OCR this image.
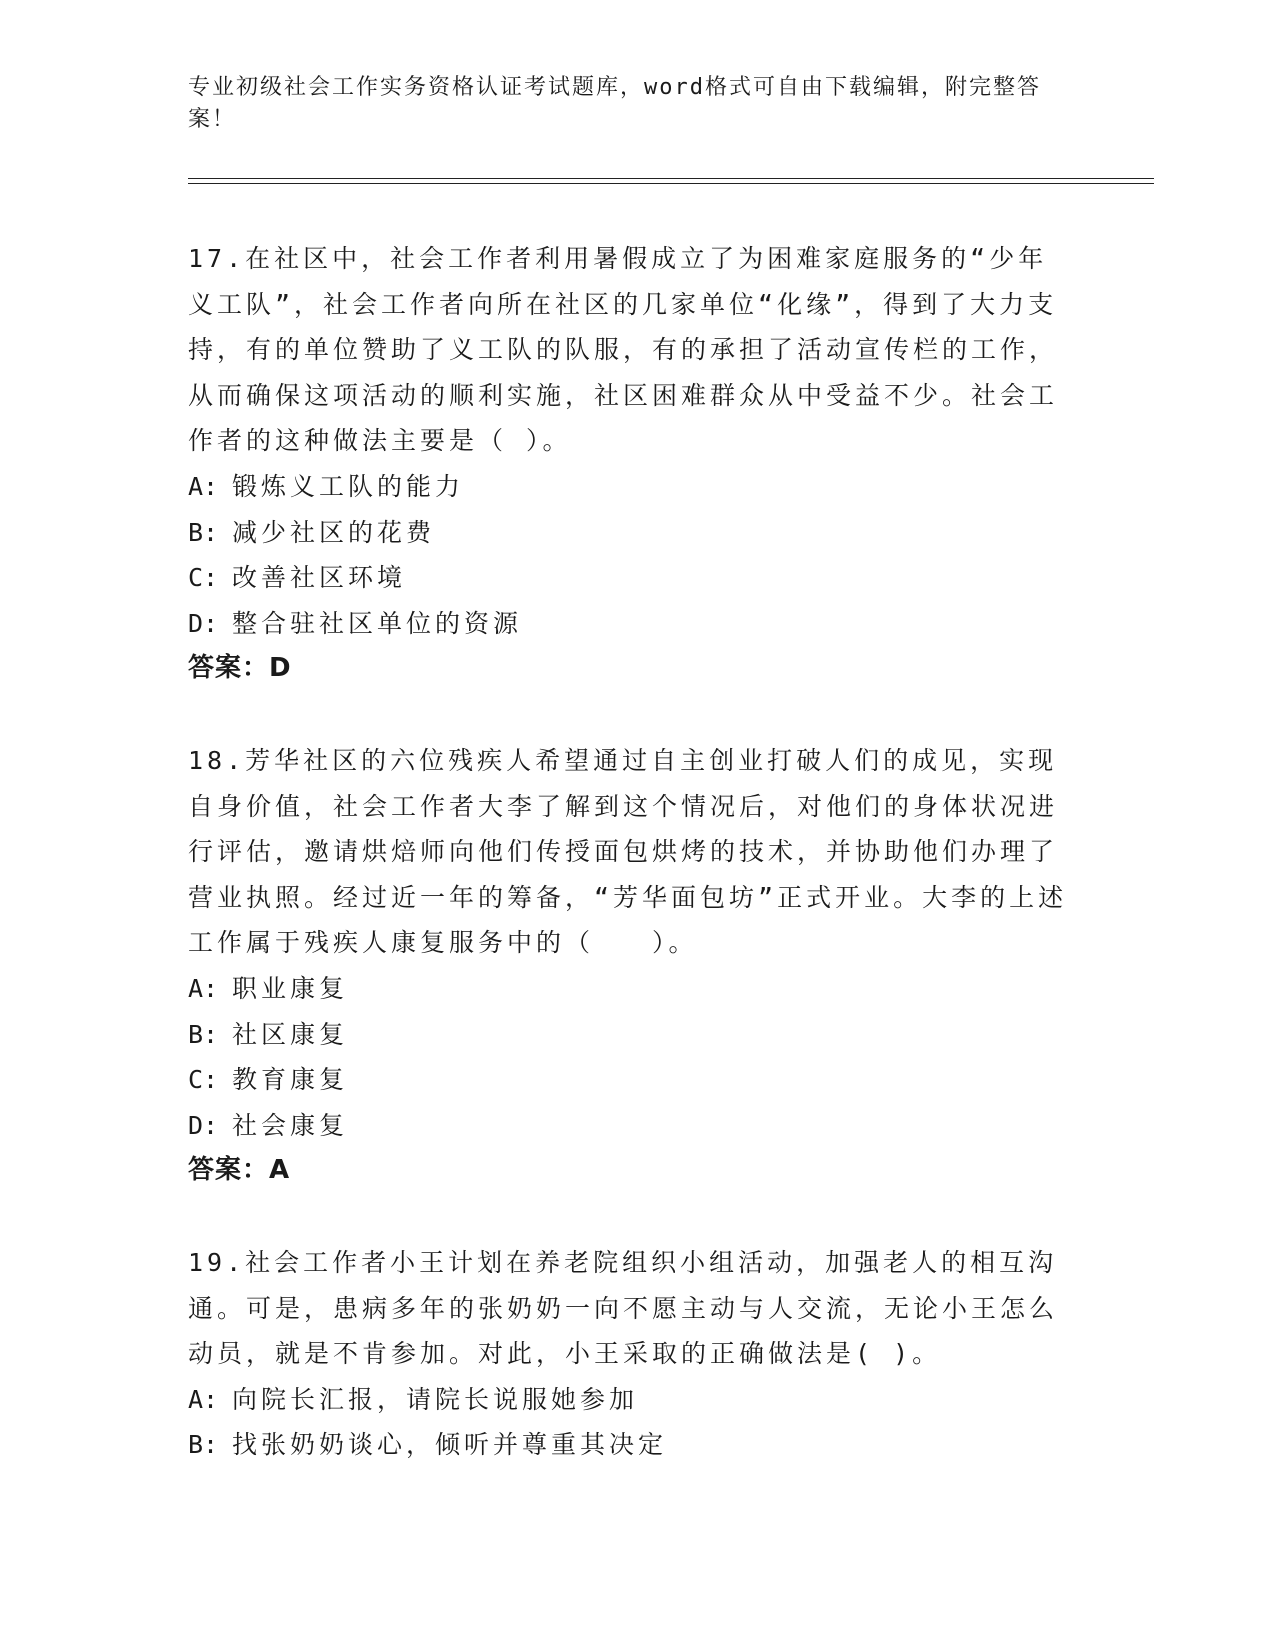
专业初级社会工作实务资格认证考试题库，word格式可自由下载编辑，附完整答案！

17.在社区中，社会工作者利用暑假成立了为困难家庭服务的“少年义工队”，社会工作者向所在社区的几家单位“化缘”，得到了大力支持，有的单位赞助了义工队的队服，有的承担了活动宣传栏的工作，从而确保这项活动的顺利实施，社区困难群众从中受益不少。社会工作者的这种做法主要是（ ）。

A: 锻炼义工队的能力
B: 减少社区的花费
C: 改善社区环境
D: 整合驻社区单位的资源
答案：D

18.芳华社区的六位残疾人希望通过自主创业打破人们的成见，实现自身价值，社会工作者大李了解到这个情况后，对他们的身体状况进行评估，邀请烘焙师向他们传授面包烘烤的技术，并协助他们办理了营业执照。经过近一年的筹备，“芳华面包坊”正式开业。大李的上述工作属于残疾人康复服务中的（　　）。

A: 职业康复
B: 社区康复
C: 教育康复
D: 社会康复
答案：A

19.社会工作者小王计划在养老院组织小组活动，加强老人的相互沟通。可是，患病多年的张奶奶一向不愿主动与人交流，无论小王怎么动员，就是不肯参加。对此，小王采取的正确做法是( )。

A: 向院长汇报，请院长说服她参加
B: 找张奶奶谈心，倾听并尊重其决定
